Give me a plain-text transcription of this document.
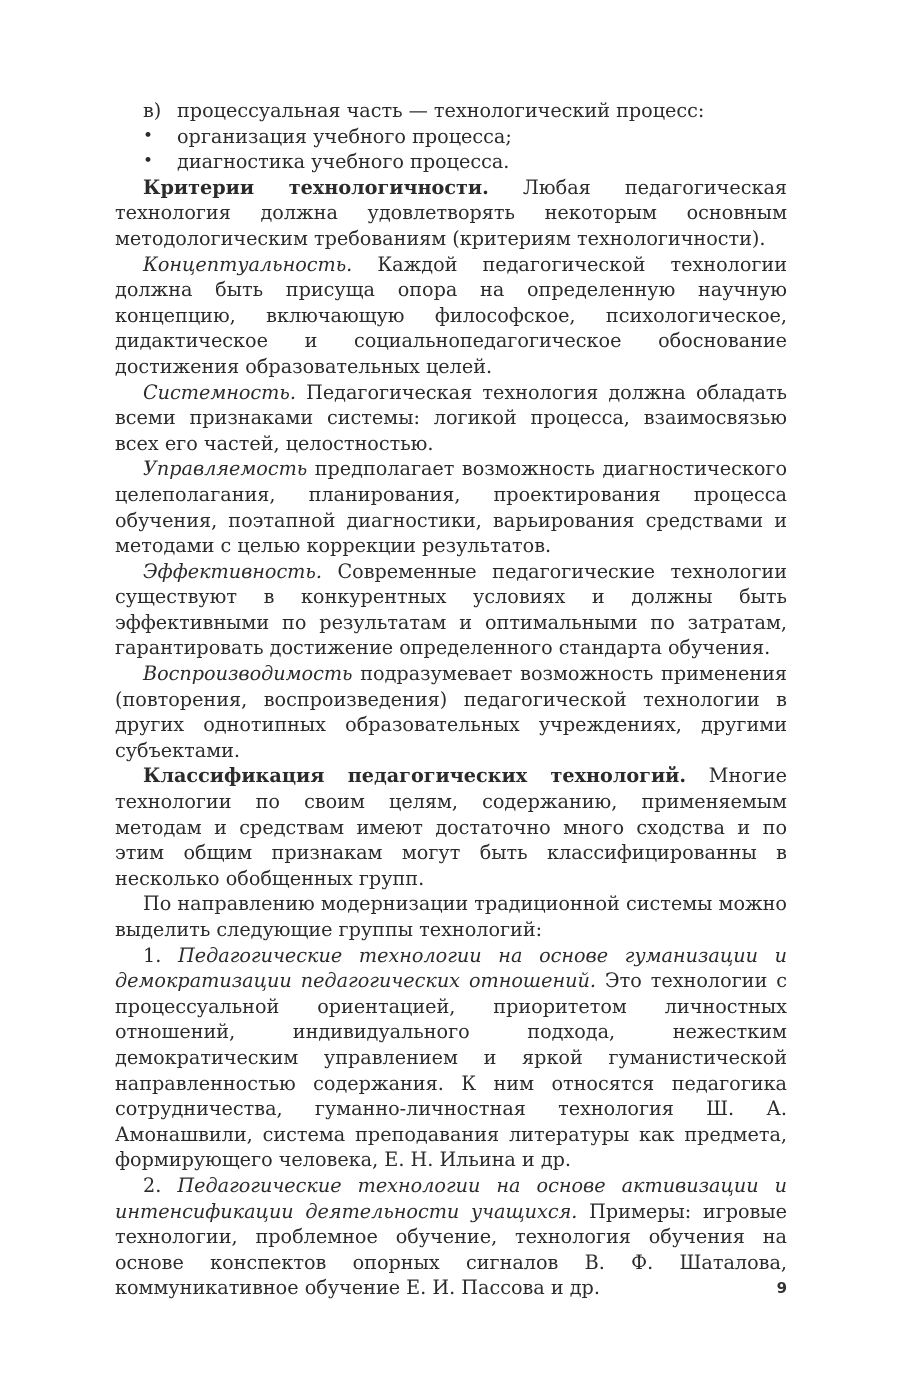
в) процессуальная часть — технологический процесс:
•	организация учебного процесса;
•	диагностика учебного процесса.

Критерии технологичности. Любая педагогическая технология должна удовлетворять некоторым основным методологическим требованиям (критериям технологичности).

Концептуальность. Каждой педагогической технологии должна быть присуща опора на определенную научную концепцию, включающую философское, психологическое, дидактическое и социальнопедагогическое обоснование достижения образовательных целей.

Системность. Педагогическая технология должна обладать всеми признаками системы: логикой процесса, взаимосвязью всех его частей, целостностью.

Управляемость предполагает возможность диагностического целеполагания, планирования, проектирования процесса обучения, поэтапной диагностики, варьирования средствами и методами с целью коррекции результатов.

Эффективность. Современные педагогические технологии существуют в конкурентных условиях и должны быть эффективными по результатам и оптимальными по затратам, гарантировать достижение определенного стандарта обучения.

Воспроизводимость подразумевает возможность применения (повторения, воспроизведения) педагогической технологии в других однотипных образовательных учреждениях, другими субъектами.

Классификация педагогических технологий. Многие технологии по своим целям, содержанию, применяемым методам и средствам имеют достаточно много сходства и по этим общим признакам могут быть классифицированны в несколько обобщенных групп.

По направлению модернизации традиционной системы можно выделить следующие группы технологий:

1. Педагогические технологии на основе гуманизации и демократизации педагогических отношений. Это технологии с процессуальной ориентацией, приоритетом личностных отношений, индивидуального подхода, нежестким демократическим управлением и яркой гуманистической направленностью содержания. К ним относятся педагогика сотрудничества, гуманно-личностная технология Ш. А. Амонашвили, система преподавания литературы как предмета, формирующего человека, Е. Н. Ильина и др.

2. Педагогические технологии на основе активизации и интенсификации деятельности учащихся. Примеры: игровые технологии, проблемное обучение, технология обучения на основе конспектов опорных сигналов В. Ф. Шаталова, коммуникативное обучение Е. И. Пассова и др.	9
